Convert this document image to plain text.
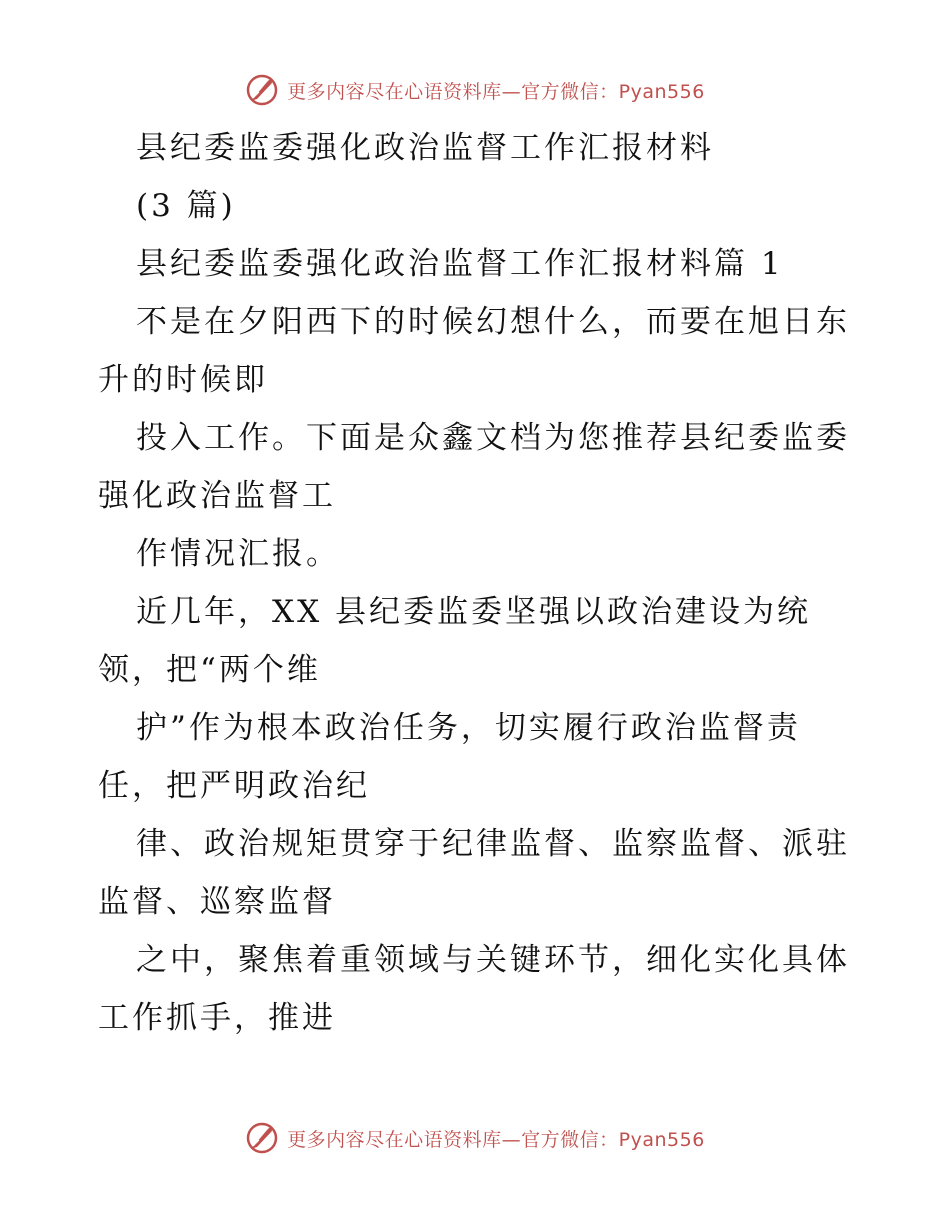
更多内容尽在心语资料库—官方微信：Pyan556
县纪委监委强化政治监督工作汇报材料
(3 篇)
县纪委监委强化政治监督工作汇报材料篇 1
不是在夕阳西下的时候幻想什么，而要在旭日东
升的时候即
投入工作。下面是众鑫文档为您推荐县纪委监委
强化政治监督工
作情况汇报。
近几年，XX 县纪委监委坚强以政治建设为统
领，把“两个维
护”作为根本政治任务，切实履行政治监督责
任，把严明政治纪
律、政治规矩贯穿于纪律监督、监察监督、派驻
监督、巡察监督
之中，聚焦着重领域与关键环节，细化实化具体
工作抓手，推进
更多内容尽在心语资料库—官方微信：Pyan556
